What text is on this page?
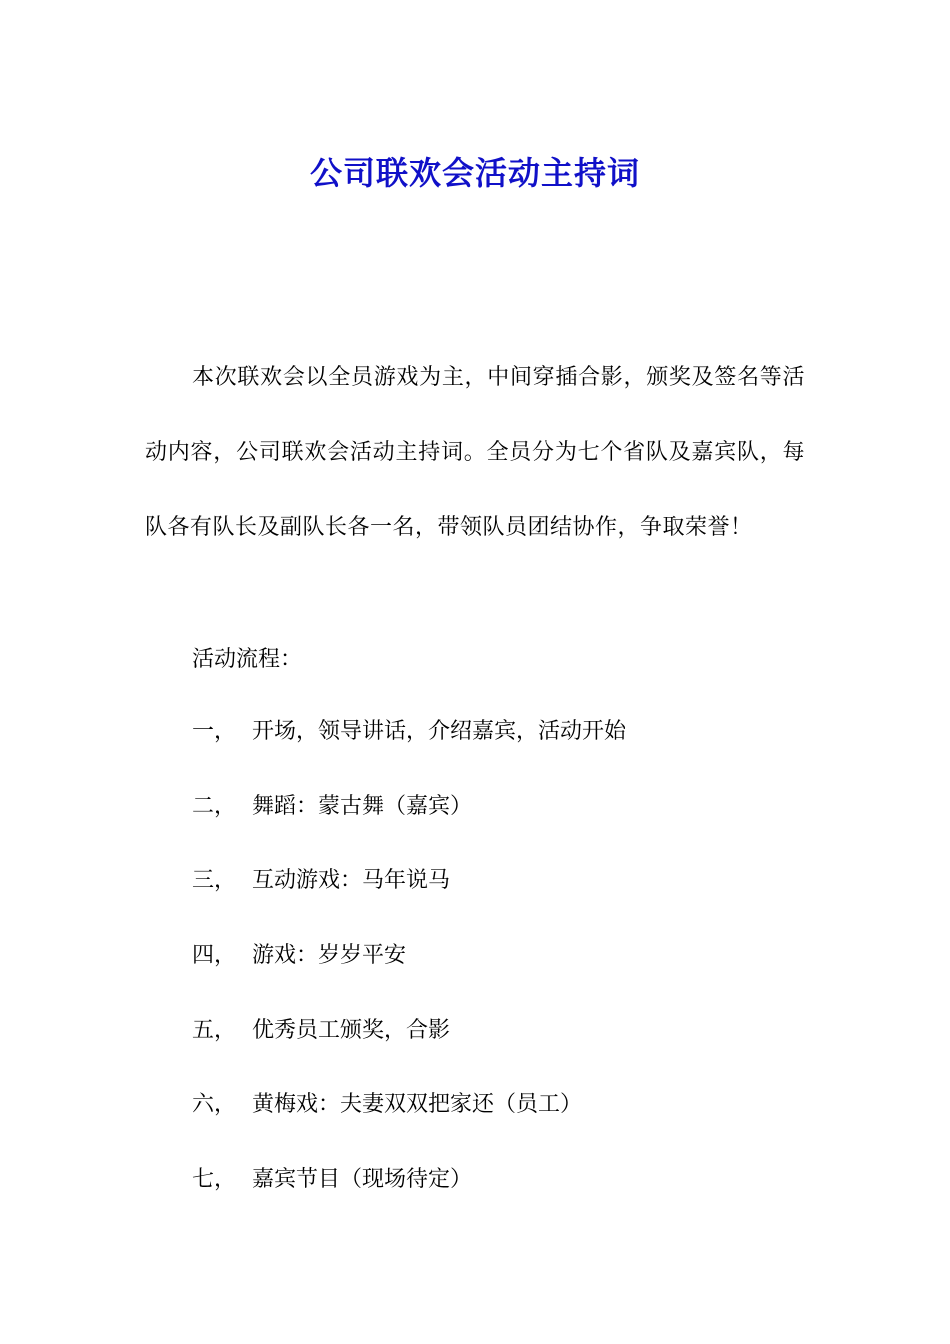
公司联欢会活动主持词

本次联欢会以全员游戏为主，中间穿插合影，颁奖及签名等活动内容，公司联欢会活动主持词。全员分为七个省队及嘉宾队，每队各有队长及副队长各一名，带领队员团结协作，争取荣誉！

活动流程：

一， 开场，领导讲话，介绍嘉宾，活动开始
二， 舞蹈：蒙古舞（嘉宾）
三， 互动游戏：马年说马
四， 游戏：岁岁平安
五， 优秀员工颁奖，合影
六， 黄梅戏：夫妻双双把家还（员工）
七， 嘉宾节目（现场待定）
